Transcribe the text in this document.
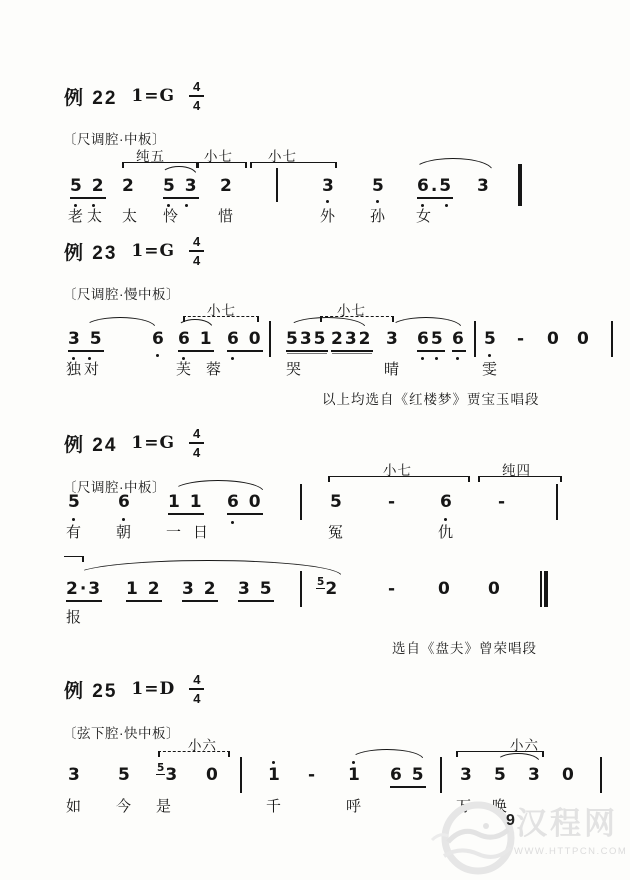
例 22 $1=G \frac{4}{4}$
〔尺调腔·中板〕
纯五	小七	小七
5 2 2 5 3 2	3 5 6.5 3
老太 太 怜 惜	外 孙 女
例 23 $1=G \frac{4}{4}$
〔尺调腔·慢中板〕
小七	小七
3 5	6 6 1 6 0 535 232 3 65 6 5 - 0 0
独
对	芙 蓉	哭	晴	雯
以上均选自《红楼梦》贾宝玉唱段
例 24 $1=G \frac{4}{4}$
〔尺调腔·中板〕
小七	纯四
5 6 1 1 6 0	5	-	6	-
有 朝 一 日	冤	仇
2·3 1 2 3 2 3 5	$^5$2	- 0 0
报
选自《盘夫》曾荣唱段
例 25 $1=D \frac{4}{4}$
〔弦下腔·快中板〕
小六	小六
3 5 $^5$3 0	1 - 1 6 5 3 5 3 0
如 今 是	千	呼	万 唤 汉程网
WWW.HTTPCN.COM
9
